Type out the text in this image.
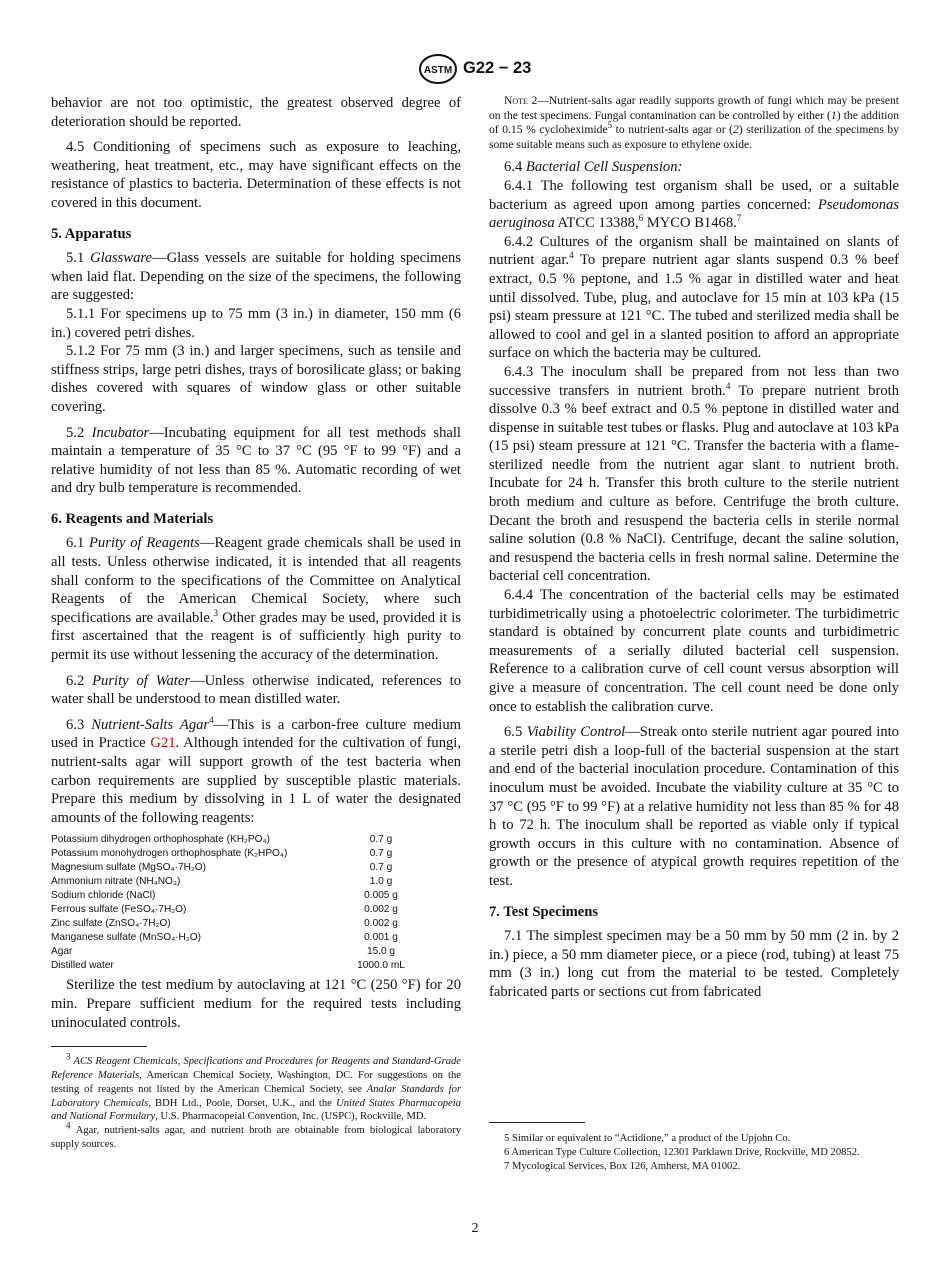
ASTM G22 − 23

behavior are not too optimistic, the greatest observed degree of deterioration should be reported.

4.5 Conditioning of specimens such as exposure to leaching, weathering, heat treatment, etc., may have significant effects on the resistance of plastics to bacteria. Determination of these effects is not covered in this document.

5. Apparatus

5.1 Glassware—Glass vessels are suitable for holding specimens when laid flat. Depending on the size of the specimens, the following are suggested:

5.1.1 For specimens up to 75 mm (3 in.) in diameter, 150 mm (6 in.) covered petri dishes.

5.1.2 For 75 mm (3 in.) and larger specimens, such as tensile and stiffness strips, large petri dishes, trays of borosilicate glass; or baking dishes covered with squares of window glass or other suitable covering.

5.2 Incubator—Incubating equipment for all test methods shall maintain a temperature of 35 °C to 37 °C (95 °F to 99 °F) and a relative humidity of not less than 85 %. Automatic recording of wet and dry bulb temperature is recommended.

6. Reagents and Materials

6.1 Purity of Reagents—Reagent grade chemicals shall be used in all tests. Unless otherwise indicated, it is intended that all reagents shall conform to the specifications of the Committee on Analytical Reagents of the American Chemical Society, where such specifications are available.$^3$ Other grades may be used, provided it is first ascertained that the reagent is of sufficiently high purity to permit its use without lessening the accuracy of the determination.

6.2 Purity of Water—Unless otherwise indicated, references to water shall be understood to mean distilled water.

6.3 Nutrient-Salts Agar$^4$—This is a carbon-free culture medium used in Practice G21. Although intended for the cultivation of fungi, nutrient-salts agar will support growth of the test bacteria when carbon requirements are supplied by susceptible plastic materials. Prepare this medium by dissolving in 1 L of water the designated amounts of the following reagents:

Potassium dihydrogen orthophosphate (KH₂PO₄)	0.7 g
Potassium monohydrogen orthophosphate (K₂HPO₄)	0.7 g
Magnesium sulfate (MgSO₄·7H₂O)	0.7 g
Ammonium nitrate (NH₄NO₃)	1.0 g
Sodium chloride (NaCl)	0.005 g
Ferrous sulfate (FeSO₄·7H₂O)	0.002 g
Zinc sulfate (ZnSO₄·7H₂O)	0.002 g
Manganese sulfate (MnSO₄·H₂O)	0.001 g
Agar	15.0 g
Distilled water	1000.0 mL

Sterilize the test medium by autoclaving at 121 °C (250 °F) for 20 min. Prepare sufficient medium for the required tests including uninoculated controls.

$^3$ ACS Reagent Chemicals, Specifications and Procedures for Reagents and Standard-Grade Reference Materials, American Chemical Society, Washington, DC. For suggestions on the testing of reagents not listed by the American Chemical Society, see Analar Standards for Laboratory Chemicals, BDH Ltd., Poole, Dorset, U.K., and the United States Pharmacopeia and National Formulary, U.S. Pharmacopeial Convention, Inc. (USPC), Rockville, MD.

$^4$ Agar, nutrient-salts agar, and nutrient broth are obtainable from biological laboratory supply sources.

Note 2—Nutrient-salts agar readily supports growth of fungi which may be present on the test specimens. Fungal contamination can be controlled by either (1) the addition of 0.15 % cycloheximide$^5$ to nutrient-salts agar or (2) sterilization of the specimens by some suitable means such as exposure to ethylene oxide.

6.4 Bacterial Cell Suspension:

6.4.1 The following test organism shall be used, or a suitable bacterium as agreed upon among parties concerned: Pseudomonas aeruginosa ATCC 13388,$^6$ MYCO B1468.$^7$

6.4.2 Cultures of the organism shall be maintained on slants of nutrient agar.$^4$ To prepare nutrient agar slants suspend 0.3 % beef extract, 0.5 % peptone, and 1.5 % agar in distilled water and heat until dissolved. Tube, plug, and autoclave for 15 min at 103 kPa (15 psi) steam pressure at 121 °C. The tubed and sterilized media shall be allowed to cool and gel in a slanted position to afford an appropriate surface on which the bacteria may be cultured.

6.4.3 The inoculum shall be prepared from not less than two successive transfers in nutrient broth.$^4$ To prepare nutrient broth dissolve 0.3 % beef extract and 0.5 % peptone in distilled water and dispense in suitable test tubes or flasks. Plug and autoclave at 103 kPa (15 psi) steam pressure at 121 °C. Transfer the bacteria with a flame-sterilized needle from the nutrient agar slant to nutrient broth. Incubate for 24 h. Transfer this broth culture to the sterile nutrient broth medium and culture as before. Centrifuge the broth culture. Decant the broth and resuspend the bacteria cells in sterile normal saline solution (0.8 % NaCl). Centrifuge, decant the saline solution, and resuspend the bacteria cells in fresh normal saline. Determine the bacterial cell concentration.

6.4.4 The concentration of the bacterial cells may be estimated turbidimetrically using a photoelectric colorimeter. The turbidimetric standard is obtained by concurrent plate counts and turbidimetric measurements of a serially diluted bacterial cell suspension. Reference to a calibration curve of cell count versus absorption will give a measure of concentration. The cell count need be done only once to establish the calibration curve.

6.5 Viability Control—Streak onto sterile nutrient agar poured into a sterile petri dish a loop-full of the bacterial suspension at the start and end of the bacterial inoculation procedure. Contamination of this inoculum must be avoided. Incubate the viability culture at 35 °C to 37 °C (95 °F to 99 °F) at a relative humidity not less than 85 % for 48 h to 72 h. The inoculum shall be reported as viable only if typical growth occurs in this culture with no contamination. Absence of growth or the presence of atypical growth requires repetition of the test.

7. Test Specimens

7.1 The simplest specimen may be a 50 mm by 50 mm (2 in. by 2 in.) piece, a 50 mm diameter piece, or a piece (rod, tubing) at least 75 mm (3 in.) long cut from the material to be tested. Completely fabricated parts or sections cut from fabricated

5 Similar or equivalent to “Actidione,” a product of the Upjohn Co.

6 American Type Culture Collection, 12301 Parklawn Drive, Rockville, MD 20852.

7 Mycological Services, Box 126, Amherst, MA 01002.

2
